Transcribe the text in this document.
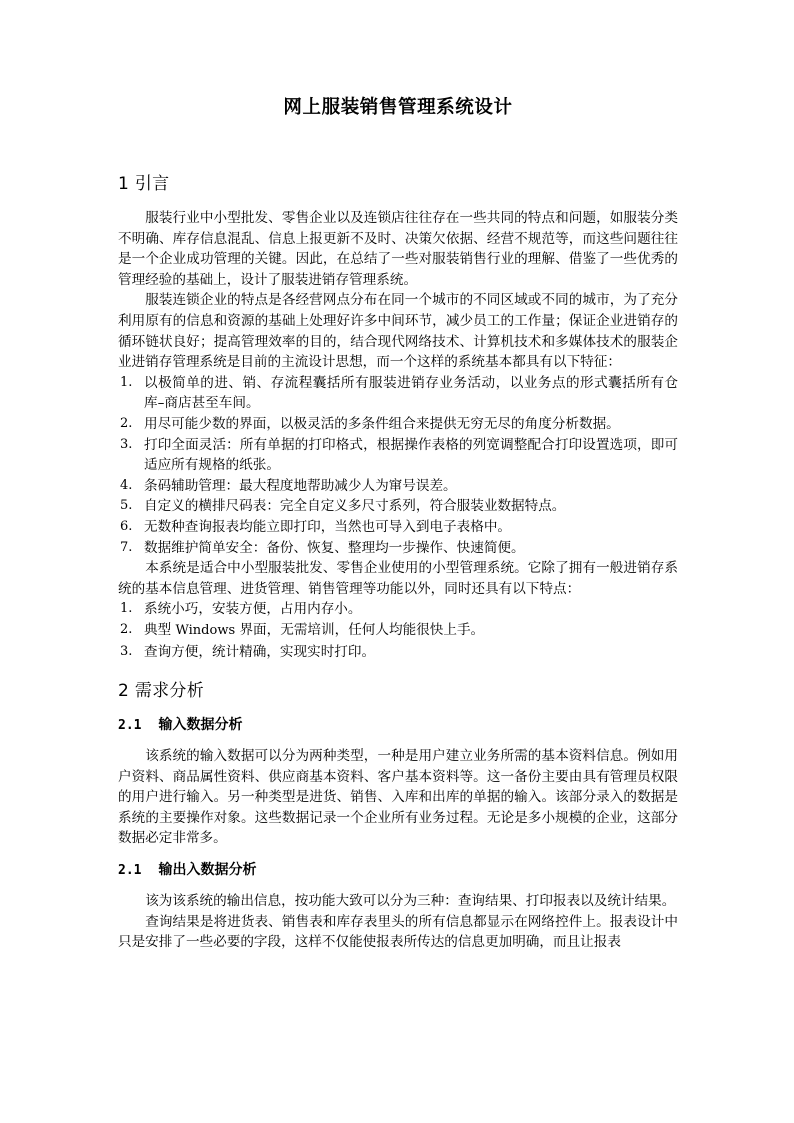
网上服装销售管理系统设计
1 引言

服装行业中小型批发、零售企业以及连锁店往往存在一些共同的特点和问题，如服装分类不明确、库存信息混乱、信息上报更新不及时、决策欠依据、经营不规范等，而这些问题往往是一个企业成功管理的关键。因此，在总结了一些对服装销售行业的理解、借鉴了一些优秀的管理经验的基础上，设计了服装进销存管理系统。

服装连锁企业的特点是各经营网点分布在同一个城市的不同区域或不同的城市，为了充分利用原有的信息和资源的基础上处理好许多中间环节，减少员工的工作量；保证企业进销存的循环链状良好；提高管理效率的目的，结合现代网络技术、计算机技术和多媒体技术的服装企业进销存管理系统是目前的主流设计思想，而一个这样的系统基本都具有以下特征：

1. 以极简单的进、销、存流程囊括所有服装进销存业务活动，以业务点的形式囊括所有仓库–商店甚至车间。
2. 用尽可能少数的界面，以极灵活的多条件组合来提供无穷无尽的角度分析数据。
3. 打印全面灵活：所有单据的打印格式，根据操作表格的列宽调整配合打印设置选项，即可适应所有规格的纸张。
4. 条码辅助管理：最大程度地帮助减少人为窜号误差。
5. 自定义的横排尺码表：完全自定义多尺寸系列，符合服装业数据特点。
6. 无数种查询报表均能立即打印，当然也可导入到电子表格中。
7. 数据维护简单安全：备份、恢复、整理均一步操作、快速简便。

本系统是适合中小型服装批发、零售企业使用的小型管理系统。它除了拥有一般进销存系统的基本信息管理、进货管理、销售管理等功能以外，同时还具有以下特点：

1. 系统小巧，安装方便，占用内存小。
2. 典型 Windows 界面，无需培训，任何人均能很快上手。
3. 查询方便，统计精确，实现实时打印。
2 需求分析
2.1 输入数据分析

该系统的输入数据可以分为两种类型，一种是用户建立业务所需的基本资料信息。例如用户资料、商品属性资料、供应商基本资料、客户基本资料等。这一备份主要由具有管理员权限的用户进行输入。另一种类型是进货、销售、入库和出库的单据的输入。该部分录入的数据是系统的主要操作对象。这些数据记录一个企业所有业务过程。无论是多小规模的企业，这部分数据必定非常多。

2.1 输出入数据分析

该为该系统的输出信息，按功能大致可以分为三种：查询结果、打印报表以及统计结果。

查询结果是将进货表、销售表和库存表里头的所有信息都显示在网络控件上。报表设计中只是安排了一些必要的字段，这样不仅能使报表所传达的信息更加明确，而且让报表
